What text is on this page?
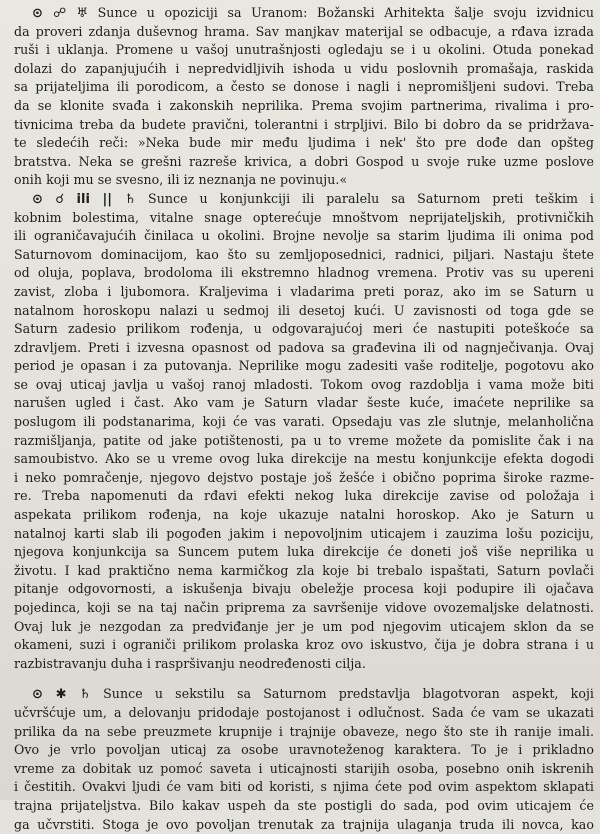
⊙ ☍ ♅ Sunce u opoziciji sa Uranom: Božanski Arhitekta šalje svoju izvidnicu
da proveri zdanja duševnog hrama. Sav manjkav materijal se odbacuje, a rđava izrada
ruši i uklanja. Promene u vašoj unutrašnjosti ogledaju se i u okolini. Otuda ponekad
dolazi do zapanjujućih i nepredvidljivih ishoda u vidu poslovnih promašaja, raskida
sa prijateljima ili porodicom, a često se donose i nagli i nepromišljeni sudovi. Treba
da se klonite svađa i zakonskih neprilika. Prema svojim partnerima, rivalima i pro-
tivnicima treba da budete pravični, tolerantni i strpljivi. Bilo bi dobro da se pridržava-
te sledećih reči: »Neka bude mir među ljudima i nek' što pre dođe dan opšteg
bratstva. Neka se grešni razreše krivica, a dobri Gospod u svoje ruke uzme poslove
onih koji mu se svesno, ili iz neznanja ne povinuju.«
⊙ ☌ ili || ♄ Sunce u konjunkciji ili paralelu sa Saturnom preti teškim i
kobnim bolestima, vitalne snage opterećuje mnoštvom neprijateljskih, protivničkih
ili ograničavajućih činilaca u okolini. Brojne nevolje sa starim ljudima ili onima pod
Saturnovom dominacijom, kao što su zemljoposednici, radnici, piljari. Nastaju štete
od oluja, poplava, brodoloma ili ekstremno hladnog vremena. Protiv vas su upereni
zavist, zloba i ljubomora. Kraljevima i vladarima preti poraz, ako im se Saturn u
natalnom horoskopu nalazi u sedmoj ili desetoj kući. U zavisnosti od toga gde se
Saturn zadesio prilikom rođenja, u odgovarajućoj meri će nastupiti poteškoće sa
zdravljem. Preti i izvesna opasnost od padova sa građevina ili od nagnječivanja. Ovaj
period je opasan i za putovanja. Neprilike mogu zadesiti vaše roditelje, pogotovu ako
se ovaj uticaj javlja u vašoj ranoj mladosti. Tokom ovog razdoblja i vama može biti
narušen ugled i čast. Ako vam je Saturn vladar šeste kuće, imaćete neprilike sa
poslugom ili podstanarima, koji će vas varati. Opsedaju vas zle slutnje, melanholična
razmišljanja, patite od jake potištenosti, pa u to vreme možete da pomislite čak i na
samoubistvo. Ako se u vreme ovog luka direkcije na mestu konjunkcije efekta dogodi
i neko pomračenje, njegovo dejstvo postaje još žešće i obično poprima široke razme-
re. Treba napomenuti da rđavi efekti nekog luka direkcije zavise od položaja i
aspekata prilikom rođenja, na koje ukazuje natalni horoskop. Ako je Saturn u
natalnoj karti slab ili pogođen jakim i nepovoljnim uticajem i zauzima lošu poziciju,
njegova konjunkcija sa Suncem putem luka direkcije će doneti još više neprilika u
životu. I kad praktično nema karmičkog zla koje bi trebalo ispaštati, Saturn povlači
pitanje odgovornosti, a iskušenja bivaju obeležje procesa koji podupire ili ojačava
pojedinca, koji se na taj način priprema za savršenije vidove ovozemaljske delatnosti.
Ovaj luk je nezgodan za predviđanje jer je um pod njegovim uticajem sklon da se
okameni, suzi i ograniči prilikom prolaska kroz ovo iskustvo, čija je dobra strana i u
razbistravanju duha i raspršivanju neodređenosti cilja.
⊙ ✱ ♄ Sunce u sekstilu sa Saturnom predstavlja blagotvoran aspekt, koji
učvršćuje um, a delovanju pridodaje postojanost i odlučnost. Sada će vam se ukazati
prilika da na sebe preuzmete krupnije i trajnije obaveze, nego što ste ih ranije imali.
Ovo je vrlo povoljan uticaj za osobe uravnoteženog karaktera. To je i prikladno
vreme za dobitak uz pomoć saveta i uticajnosti starijih osoba, posebno onih iskrenih
i čestitih. Ovakvi ljudi će vam biti od koristi, s njima ćete pod ovim aspektom sklapati
trajna prijateljstva. Bilo kakav uspeh da ste postigli do sada, pod ovim uticajem će
ga učvrstiti. Stoga je ovo povoljan trenutak za trajnija ulaganja truda ili novca, kao
